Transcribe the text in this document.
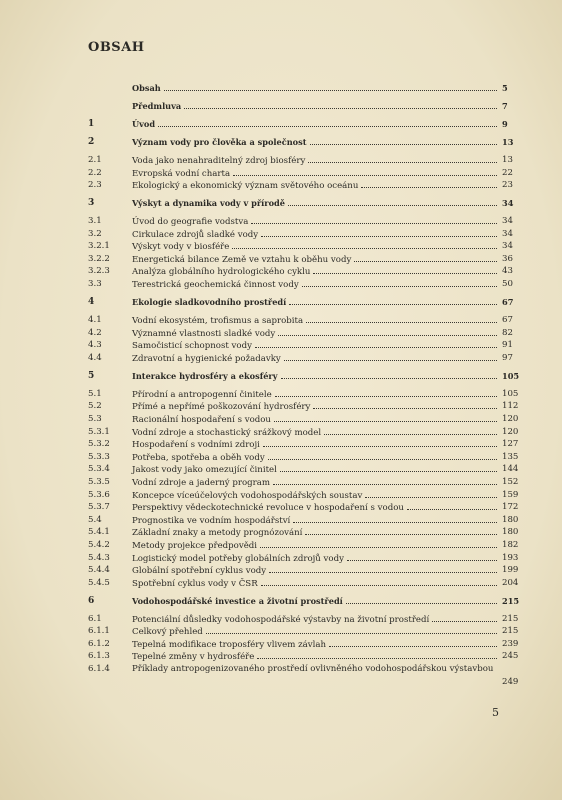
OBSAH
Obsah	5
Předmluva	7
1	Úvod	9
2	Význam vody pro člověka a společnost	13
2.1	Voda jako nenahraditelný zdroj biosféry	13
2.2	Evropská vodní charta	22
2.3	Ekologický a ekonomický význam světového oceánu	23
3	Výskyt a dynamika vody v přírodě	34
3.1	Úvod do geografie vodstva	34
3.2	Cirkulace zdrojů sladké vody	34
3.2.1	Výskyt vody v biosféře	34
3.2.2	Energetická bilance Země ve vztahu k oběhu vody	36
3.2.3	Analýza globálního hydrologického cyklu	43
3.3	Terestrická geochemická činnost vody	50
4	Ekologie sladkovodního prostředí	67
4.1	Vodní ekosystém, trofismus a saprobita	67
4.2	Významné vlastnosti sladké vody	82
4.3	Samočisticí schopnost vody	91
4.4	Zdravotní a hygienické požadavky	97
5	Interakce hydrosféry a ekosféry	105
5.1	Přírodní a antropogenní činitele	105
5.2	Přímé a nepřímé poškozování hydrosféry	112
5.3	Racionální hospodaření s vodou	120
5.3.1	Vodní zdroje a stochastický srážkový model	120
5.3.2	Hospodaření s vodními zdroji	127
5.3.3	Potřeba, spotřeba a oběh vody	135
5.3.4	Jakost vody jako omezující činitel	144
5.3.5	Vodní zdroje a jaderný program	152
5.3.6	Koncepce víceúčelových vodohospodářských soustav	159
5.3.7	Perspektivy vědeckotechnické revoluce v hospodaření s vodou	172
5.4	Prognostika ve vodním hospodářství	180
5.4.1	Základní znaky a metody prognózování	180
5.4.2	Metody projekce předpovědi	182
5.4.3	Logistický model potřeby globálních zdrojů vody	193
5.4.4	Globální spotřební cyklus vody	199
5.4.5	Spotřební cyklus vody v ČSR	204
6	Vodohospodářské investice a životní prostředí	215
6.1	Potenciální důsledky vodohospodářské výstavby na životní prostředí	215
6.1.1	Celkový přehled	215
6.1.2	Tepelná modifikace troposféry vlivem závlah	239
6.1.3	Tepelné změny v hydrosféře	245
6.1.4	Příklady antropogenizovaného prostředí ovlivněného vodohospodářskou výstavbou
249
5
